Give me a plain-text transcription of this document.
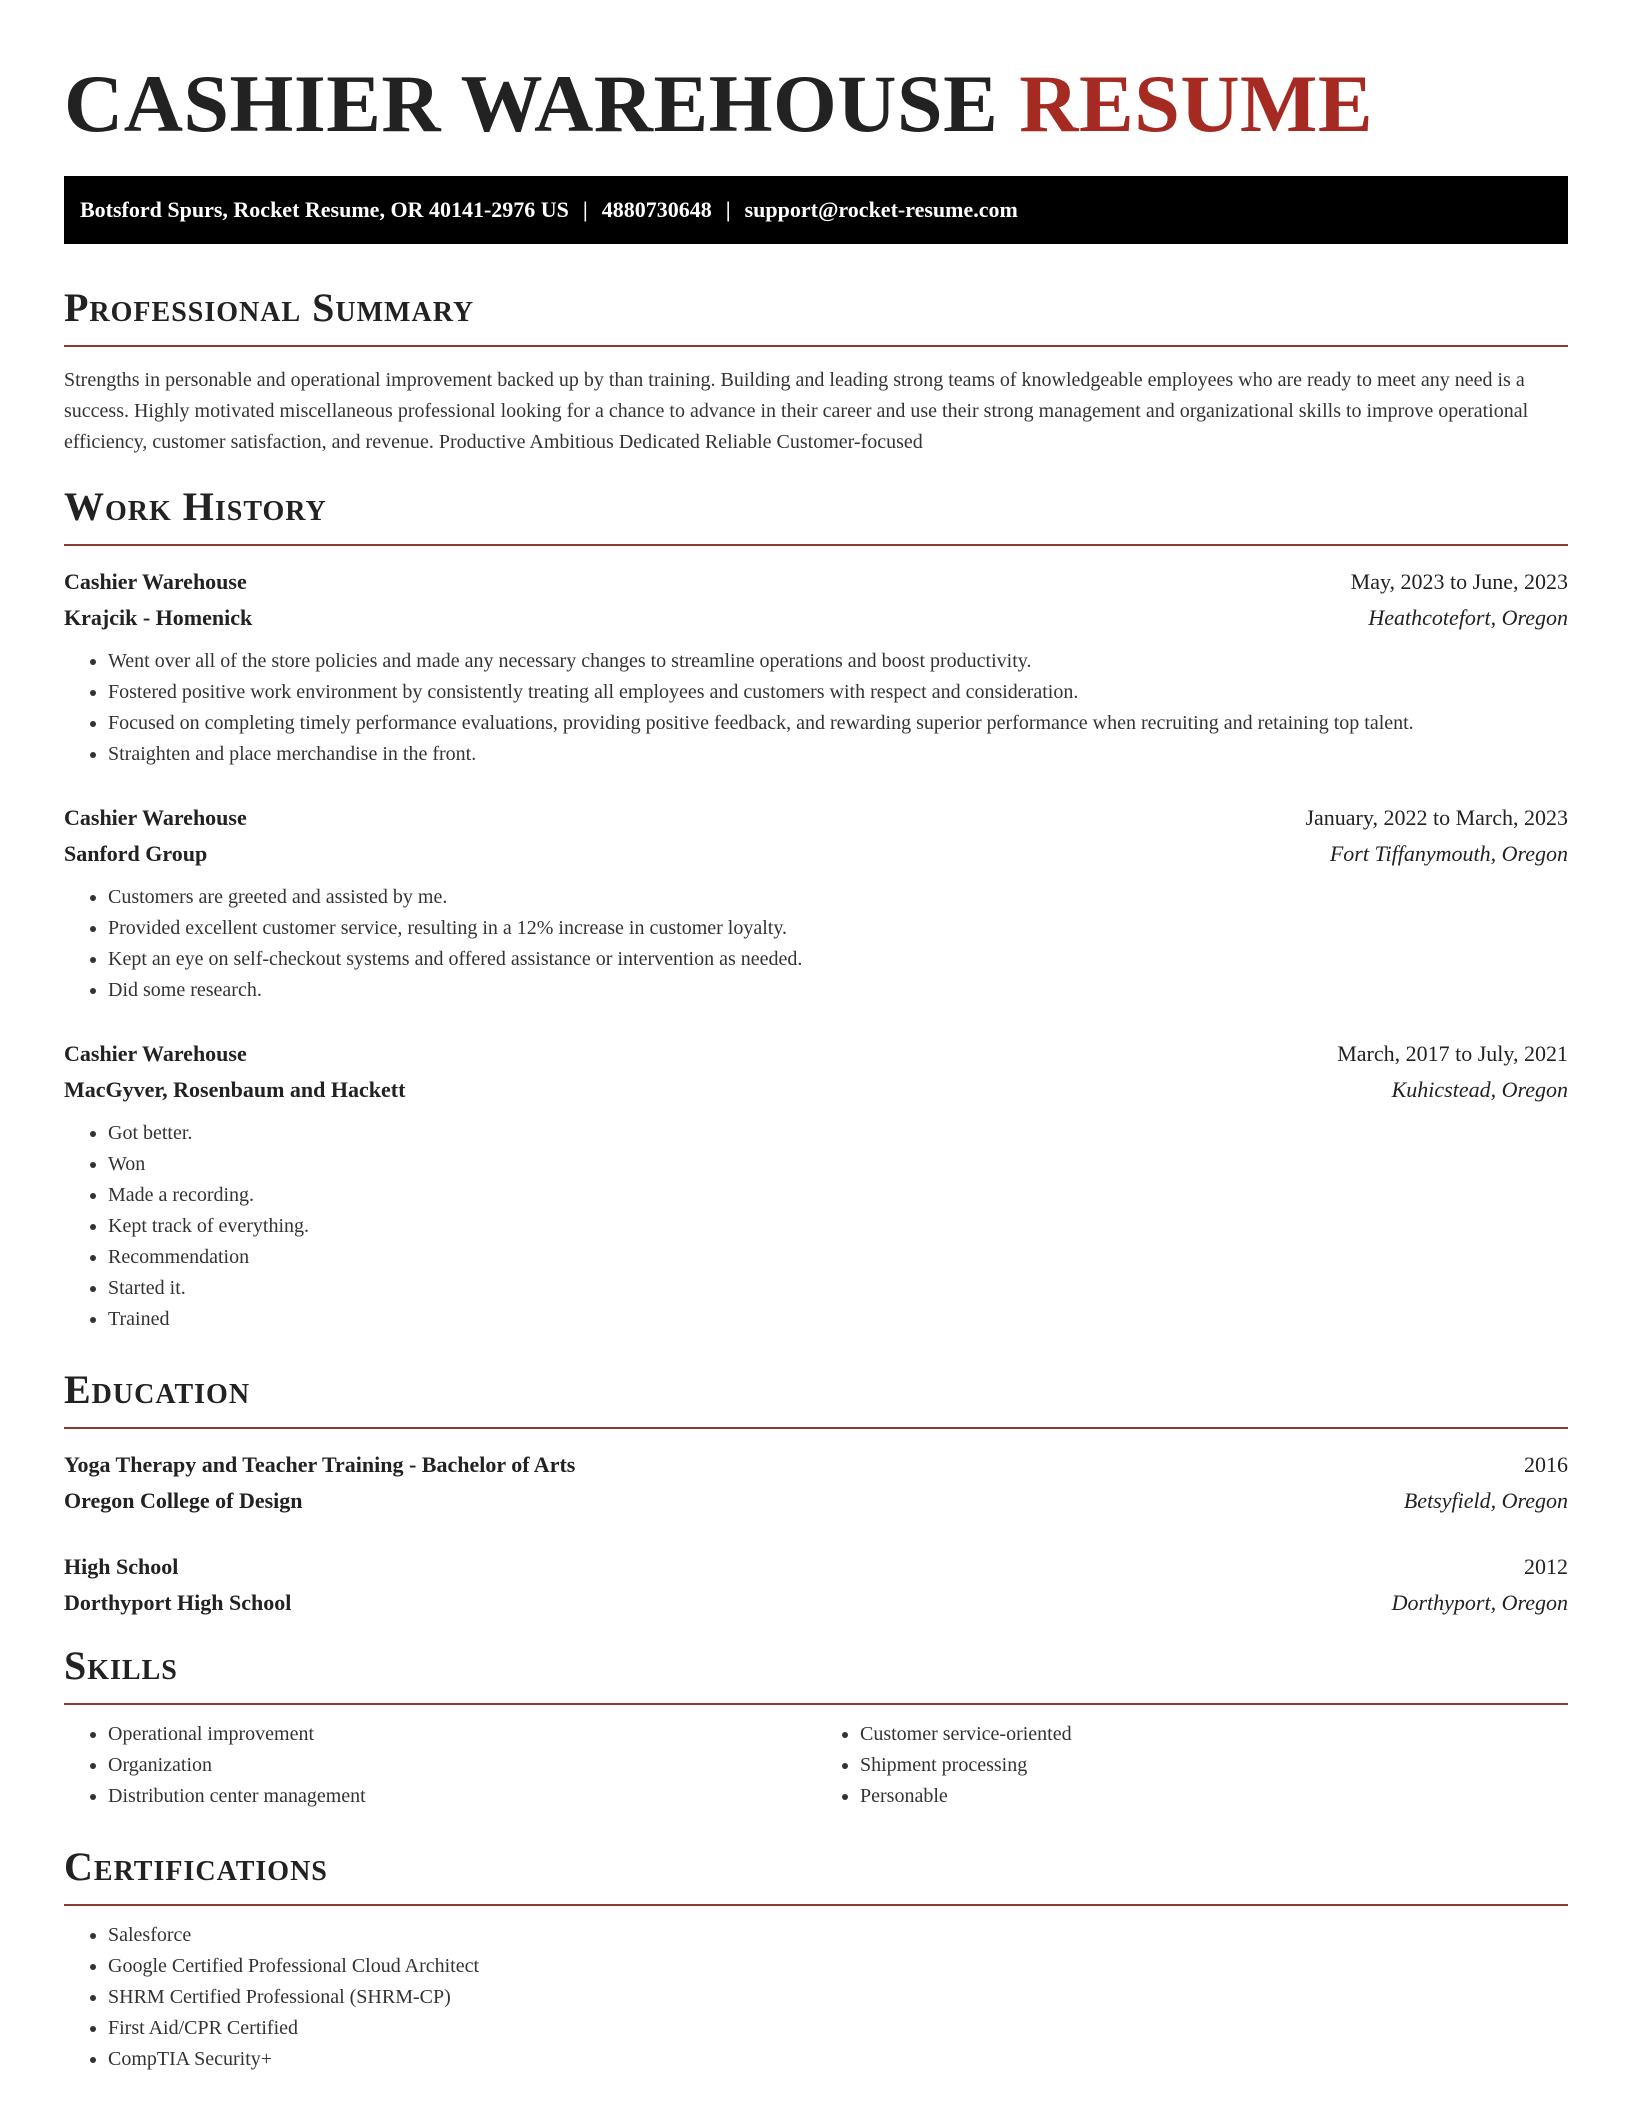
CASHIER WAREHOUSE RESUME
Botsford Spurs, Rocket Resume, OR 40141-2976 US | 4880730648 | support@rocket-resume.com
Professional Summary

Strengths in personable and operational improvement backed up by than training. Building and leading strong teams of knowledgeable employees who are ready to meet any need is a success. Highly motivated miscellaneous professional looking for a chance to advance in their career and use their strong management and organizational skills to improve operational efficiency, customer satisfaction, and revenue. Productive Ambitious Dedicated Reliable Customer-focused

Work History
Cashier Warehouse	May, 2023 to June, 2023
Krajcik - Homenick	Heathcotefort, Oregon
• Went over all of the store policies and made any necessary changes to streamline operations and boost productivity.
• Fostered positive work environment by consistently treating all employees and customers with respect and consideration.
• Focused on completing timely performance evaluations, providing positive feedback, and rewarding superior performance when recruiting and retaining top talent.
• Straighten and place merchandise in the front.
Cashier Warehouse	January, 2022 to March, 2023
Sanford Group	Fort Tiffanymouth, Oregon
• Customers are greeted and assisted by me.
• Provided excellent customer service, resulting in a 12% increase in customer loyalty.
• Kept an eye on self-checkout systems and offered assistance or intervention as needed.
• Did some research.
Cashier Warehouse	March, 2017 to July, 2021
MacGyver, Rosenbaum and Hackett	Kuhicstead, Oregon
• Got better.
• Won
• Made a recording.
• Kept track of everything.
• Recommendation
• Started it.
• Trained
Education
Yoga Therapy and Teacher Training - Bachelor of Arts	2016
Oregon College of Design	Betsyfield, Oregon
High School	2012
Dorthyport High School	Dorthyport, Oregon
Skills
• Operational improvement
• Organization
• Distribution center management
• Customer service-oriented
• Shipment processing
• Personable
Certifications
• Salesforce
• Google Certified Professional Cloud Architect
• SHRM Certified Professional (SHRM-CP)
• First Aid/CPR Certified
• CompTIA Security+
